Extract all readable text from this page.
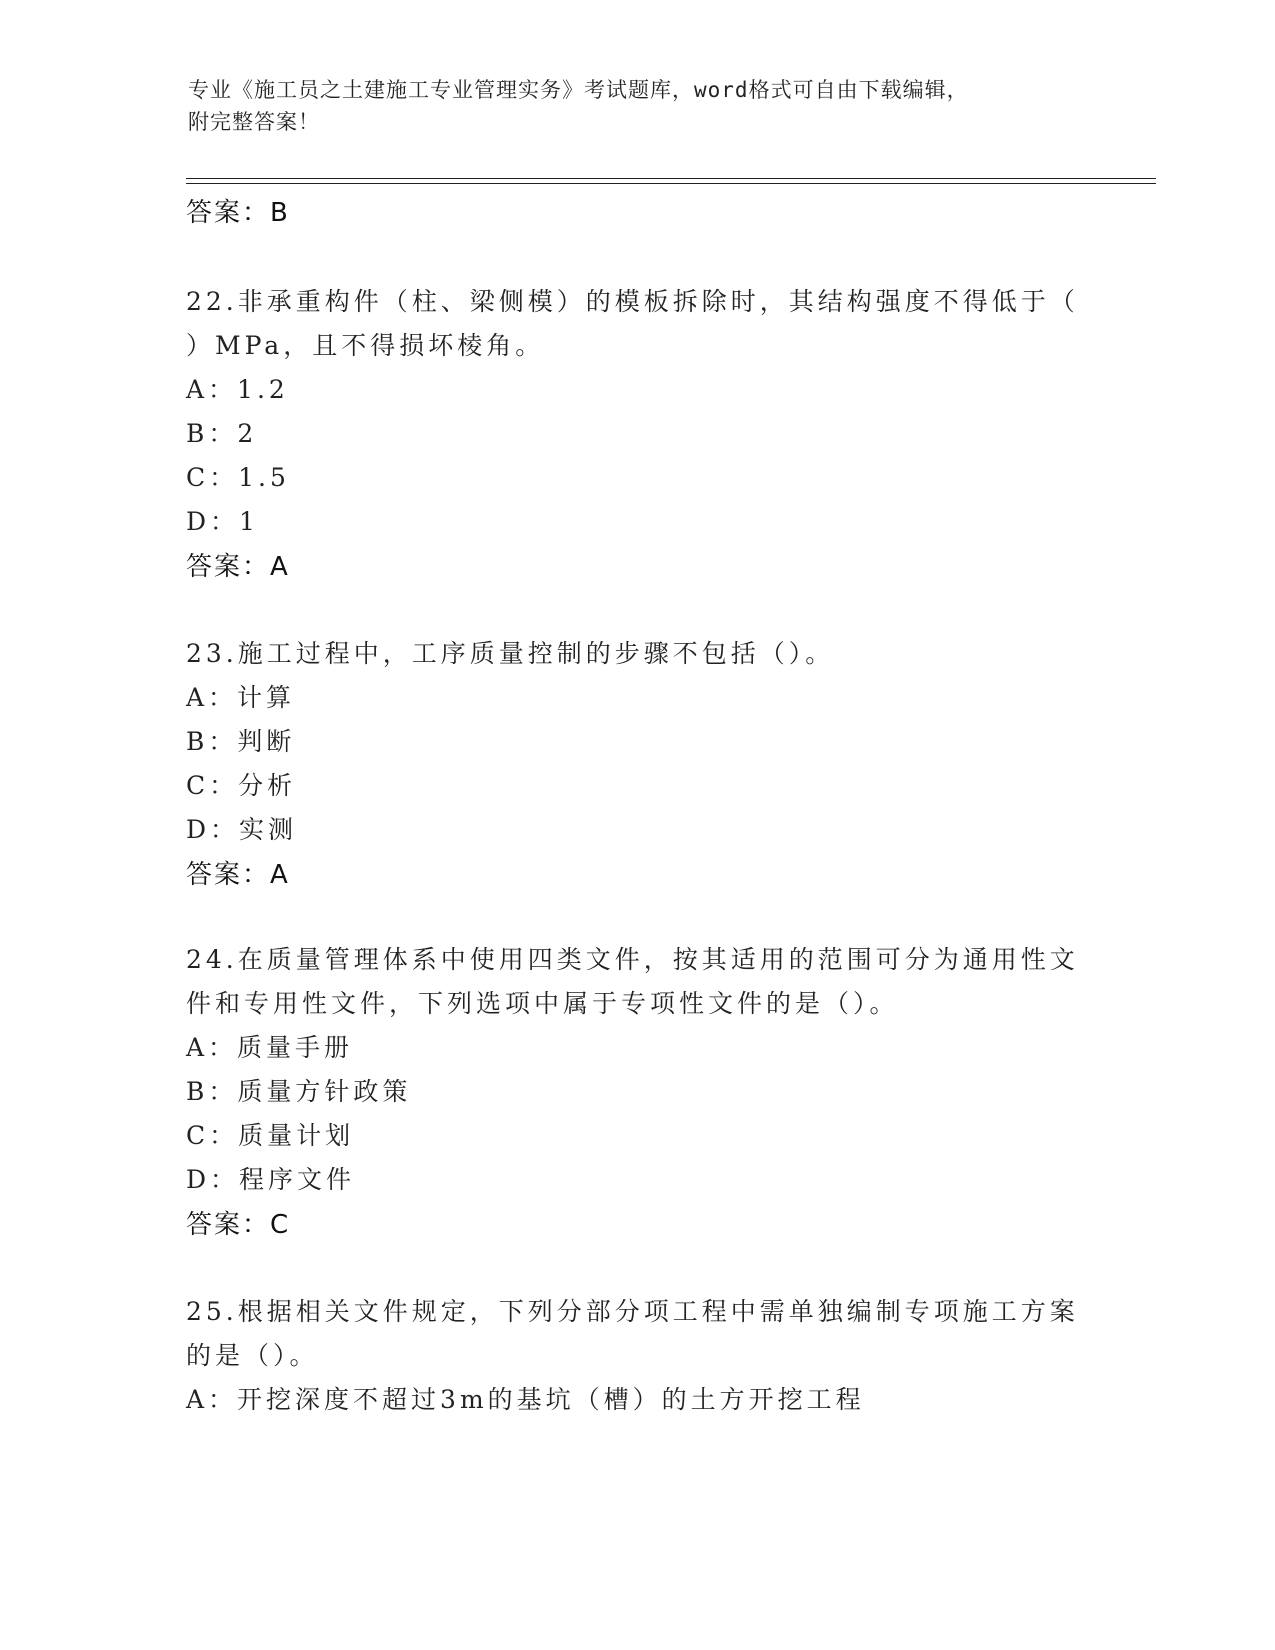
专业《施工员之土建施工专业管理实务》考试题库，word格式可自由下载编辑，
附完整答案！
答案：B
22.非承重构件（柱、梁侧模）的模板拆除时，其结构强度不得低于（
）MPa，且不得损坏棱角。
A：1.2
B：2
C：1.5
D：1
答案：A
23.施工过程中，工序质量控制的步骤不包括（）。
A：计算
B：判断
C：分析
D：实测
答案：A
24.在质量管理体系中使用四类文件，按其适用的范围可分为通用性文
件和专用性文件，下列选项中属于专项性文件的是（）。
A：质量手册
B：质量方针政策
C：质量计划
D：程序文件
答案：C
25.根据相关文件规定，下列分部分项工程中需单独编制专项施工方案
的是（）。
A：开挖深度不超过3m的基坑（槽）的土方开挖工程
